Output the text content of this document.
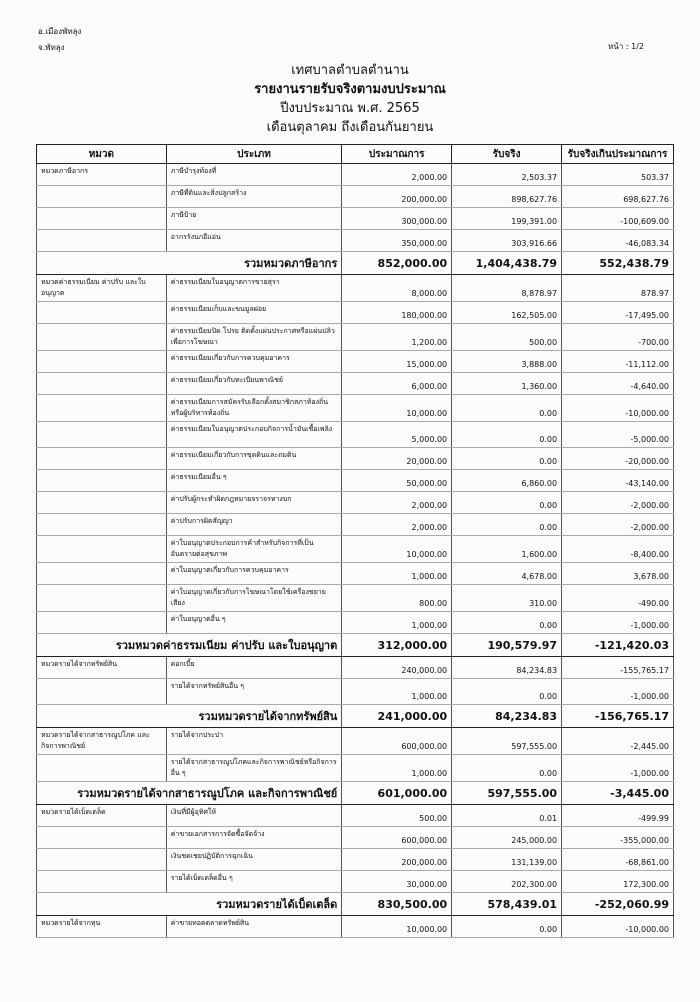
อ.เมืองพัทลุง
จ.พัทลุง	หน้า : 1/2
เทศบาลตำบลตำนาน
รายงานรายรับจริงตามงบประมาณ
ปีงบประมาณ พ.ศ. 2565
เดือนตุลาคม ถึงเดือนกันยายน
หมวด	ประเภท	ประมาณการ	รับจริง	รับจริงเกินประมาณการ
หมวดภาษีอากร	ภาษีบำรุงท้องที่	2,000.00	2,503.37	503.37
	ภาษีที่ดินและสิ่งปลูกสร้าง	200,000.00	898,627.76	698,627.76
	ภาษีป้าย	300,000.00	199,391.00	-100,609.00
	อากรรังนกอีแอ่น	350,000.00	303,916.66	-46,083.34
รวมหมวดภาษีอากร		852,000.00	1,404,438.79	552,438.79
หมวดค่าธรรมเนียม ค่าปรับ และใบอนุญาต	ค่าธรรมเนียมใบอนุญาตการขายสุรา	8,000.00	8,878.97	878.97
	ค่าธรรมเนียมเก็บและขนมูลฝอย	180,000.00	162,505.00	-17,495.00
	ค่าธรรมเนียมปิด โปรย ติดตั้งแผ่นประกาศหรือแผ่นปลิว เพื่อการโฆษณา	1,200.00	500.00	-700.00
	ค่าธรรมเนียมเกี่ยวกับการควบคุมอาคาร	15,000.00	3,888.00	-11,112.00
	ค่าธรรมเนียมเกี่ยวกับทะเบียนพาณิชย์	6,000.00	1,360.00	-4,640.00
	ค่าธรรมเนียมการสมัครรับเลือกตั้งสมาชิกสภาท้องถิ่นหรือผู้บริหารท้องถิ่น	10,000.00	0.00	-10,000.00
	ค่าธรรมเนียมใบอนุญาตประกอบกิจการน้ำมันเชื้อเพลิง	5,000.00	0.00	-5,000.00
	ค่าธรรมเนียมเกี่ยวกับการขุดดินและถมดิน	20,000.00	0.00	-20,000.00
	ค่าธรรมเนียมอื่น ๆ	50,000.00	6,860.00	-43,140.00
	ค่าปรับผู้กระทำผิดกฎหมายจราจรทางบก	2,000.00	0.00	-2,000.00
	ค่าปรับการผิดสัญญา	2,000.00	0.00	-2,000.00
	ค่าใบอนุญาตประกอบการค้าสำหรับกิจการที่เป็นอันตรายต่อสุขภาพ	10,000.00	1,600.00	-8,400.00
	ค่าใบอนุญาตเกี่ยวกับการควบคุมอาคาร	1,000.00	4,678.00	3,678.00
	ค่าใบอนุญาตเกี่ยวกับการโฆษณาโดยใช้เครื่องขยายเสียง	800.00	310.00	-490.00
	ค่าใบอนุญาตอื่น ๆ	1,000.00	0.00	-1,000.00
รวมหมวดค่าธรรมเนียม ค่าปรับ และใบอนุญาต		312,000.00	190,579.97	-121,420.03
หมวดรายได้จากทรัพย์สิน	ดอกเบี้ย	240,000.00	84,234.83	-155,765.17
	รายได้จากทรัพย์สินอื่น ๆ	1,000.00	0.00	-1,000.00
รวมหมวดรายได้จากทรัพย์สิน		241,000.00	84,234.83	-156,765.17
หมวดรายได้จากสาธารณูปโภค และกิจการพาณิชย์	รายได้จากประปา	600,000.00	597,555.00	-2,445.00
	รายได้จากสาธารณูปโภคและกิจการพาณิชย์หรือกิจการอื่น ๆ	1,000.00	0.00	-1,000.00
รวมหมวดรายได้จากสาธารณูปโภค และกิจการพาณิชย์		601,000.00	597,555.00	-3,445.00
หมวดรายได้เบ็ดเตล็ด	เงินที่มีผู้อุทิศให้	500.00	0.01	-499.99
	ค่าขายเอกสารการจัดซื้อจัดจ้าง	600,000.00	245,000.00	-355,000.00
	เงินชดเชยปฏิบัติการฉุกเฉิน	200,000.00	131,139.00	-68,861.00
	รายได้เบ็ดเตล็ดอื่น ๆ	30,000.00	202,300.00	172,300.00
รวมหมวดรายได้เบ็ดเตล็ด		830,500.00	578,439.01	-252,060.99
หมวดรายได้จากทุน	ค่าขายทอดตลาดทรัพย์สิน	10,000.00	0.00	-10,000.00
